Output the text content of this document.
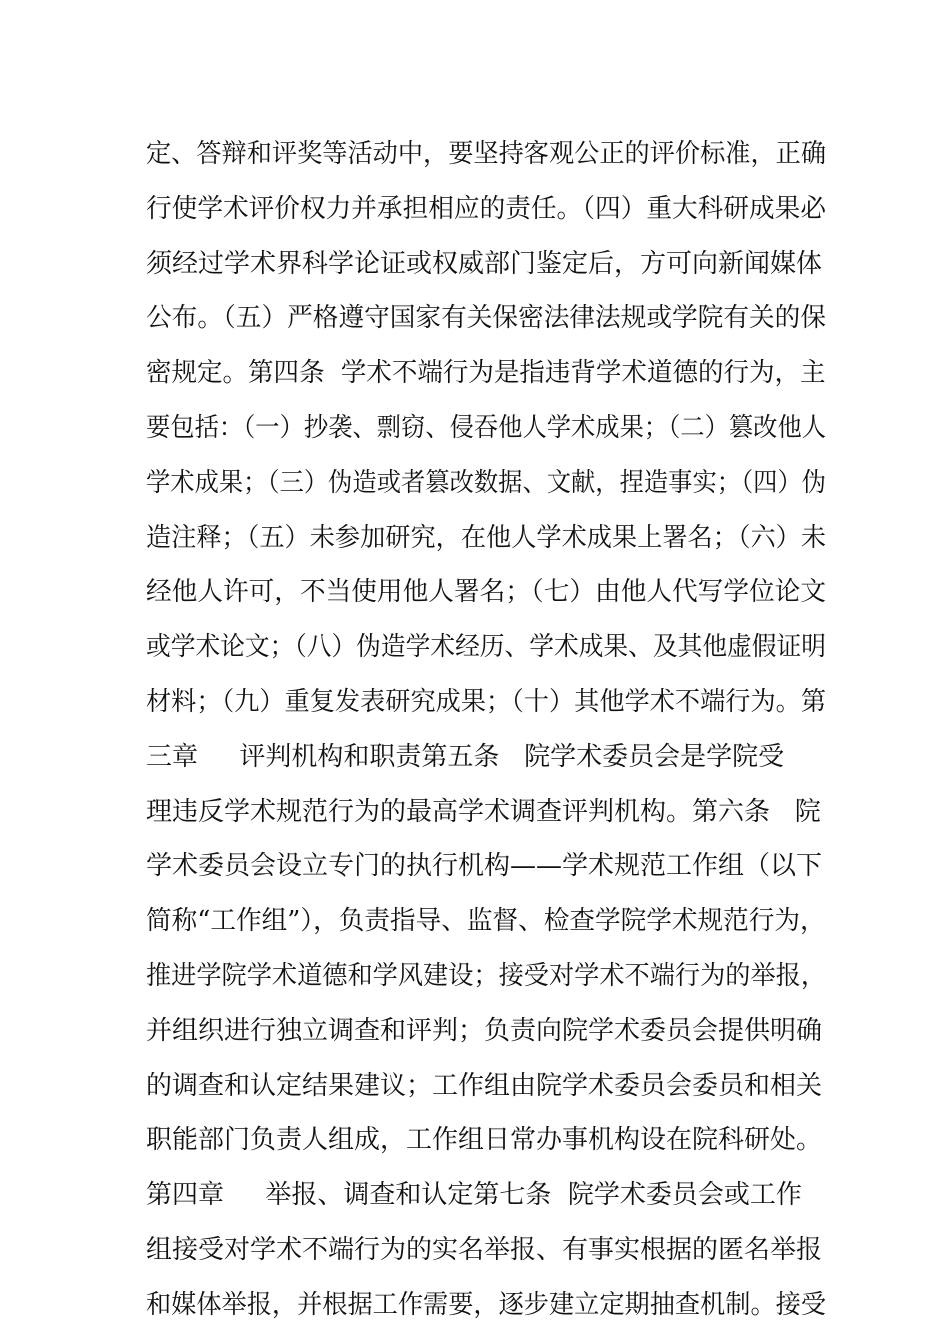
定、答辩和评奖等活动中，要坚持客观公正的评价标准，正确
行使学术评价权力并承担相应的责任。（四）重大科研成果必
须经过学术界科学论证或权威部门鉴定后，方可向新闻媒体
公布。（五）严格遵守国家有关保密法律法规或学院有关的保
密规定。第四条  学术不端行为是指违背学术道德的行为，主
要包括：（一）抄袭、剽窃、侵吞他人学术成果；（二）篡改他人
学术成果；（三）伪造或者篡改数据、文献，捏造事实；（四）伪
造注释；（五）未参加研究，在他人学术成果上署名；（六）未
经他人许可，不当使用他人署名；（七）由他人代写学位论文
或学术论文；（八）伪造学术经历、学术成果、及其他虚假证明
材料；（九）重复发表研究成果；（十）其他学术不端行为。第
三章     评判机构和职责第五条   院学术委员会是学院受
理违反学术规范行为的最高学术调查评判机构。第六条   院
学术委员会设立专门的执行机构——学术规范工作组（以下
简称“工作组”），负责指导、监督、检查学院学术规范行为，
推进学院学术道德和学风建设；接受对学术不端行为的举报，
并组织进行独立调查和评判；负责向院学术委员会提供明确
的调查和认定结果建议；工作组由院学术委员会委员和相关
职能部门负责人组成，工作组日常办事机构设在院科研处。
第四章     举报、调查和认定第七条  院学术委员会或工作
组接受对学术不端行为的实名举报、有事实根据的匿名举报
和媒体举报，并根据工作需要，逐步建立定期抽查机制。接受
